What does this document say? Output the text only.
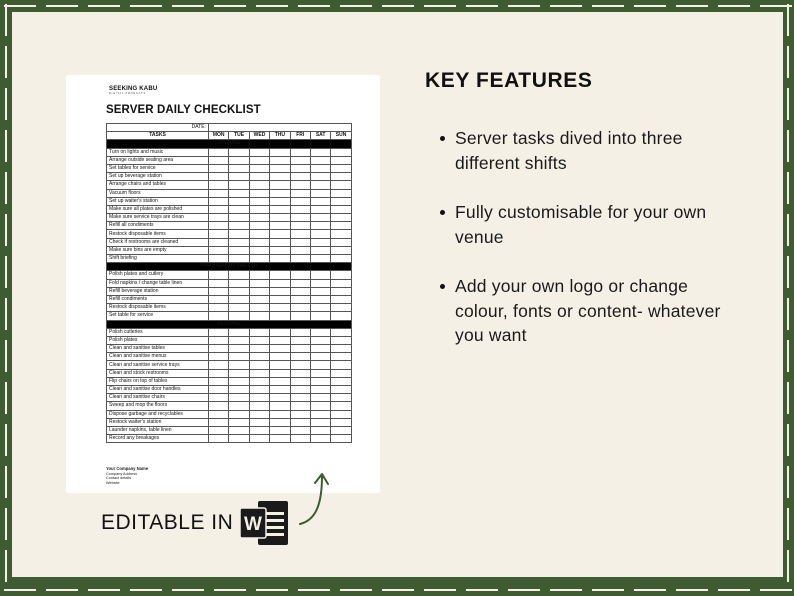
SEEKING KABU
DIGITAL PRODUCTS
SERVER DAILY CHECKLIST
DATE:							
TASKS	MON	TUE	WED	THU	FRI	SAT	SUN
OPENING							
Turn on lights and music							
Arrange outside seating area							
Set tables for service							
Set up beverage station							
Arrange chairs and tables							
Vacuum floors							
Set up waiter's station							
Make sure all plates are polished							
Make sure service trays are clean							
Refill all condiments							
Restock disposable items							
Check if restrooms are cleaned							
Make sure bins are empty							
Shift briefing							
THROUGHOUT THE DAY							
Polish plates and cutlery							
Fold napkins / change table linen							
Refill beverage station							
Refill condiments							
Restock disposable items							
Set table for service							
CLOSING							
Polish cutleries							
Polish plates							
Clean and sanitise tables							
Clean and sanitise menus							
Clean and sanitise service trays							
Clean and stock restrooms							
Flip chairs on top of tables							
Clean and sanitise door handles							
Clean and sanitise chairs							
Sweep and mop the floors							
Dispose garbage and recyclables							
Restock waiter's station							
Launder napkins, table linen							
Record any breakages							
Your Company Name
Company Address
Contact details
Website
EDITABLE IN W
KEY FEATURES
Server tasks dived into three different shifts
Fully customisable for your own venue
Add your own logo or change colour, fonts or content- whatever you want
